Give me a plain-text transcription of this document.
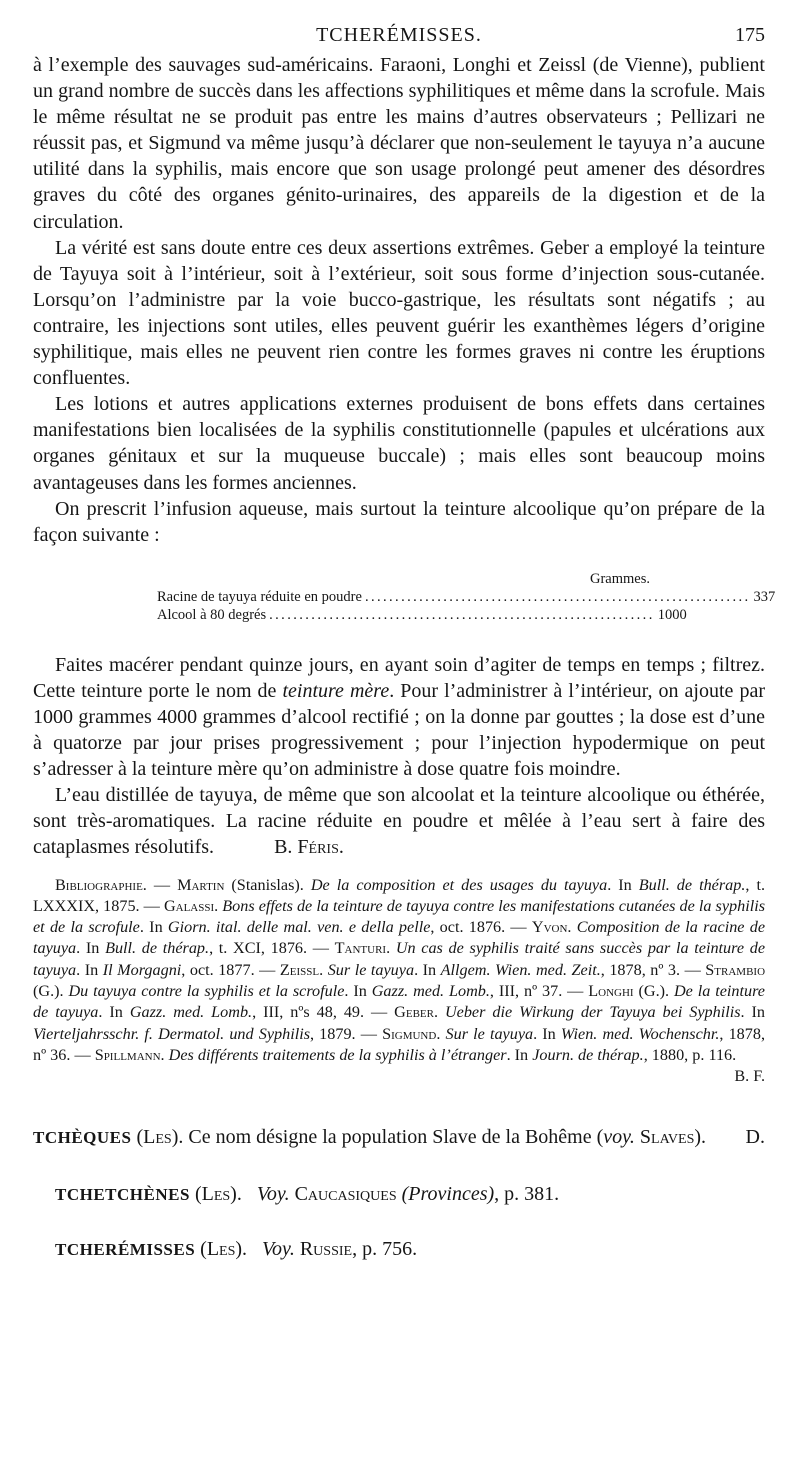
TCHERÉMISSES.	175

à l’exemple des sauvages sud-américains. Faraoni, Longhi et Zeissl (de Vienne), publient un grand nombre de succès dans les affections syphilitiques et même dans la scrofule. Mais le même résultat ne se produit pas entre les mains d’autres observateurs ; Pellizari ne réussit pas, et Sigmund va même jusqu’à déclarer que non-seulement le tayuya n’a aucune utilité dans la syphilis, mais encore que son usage prolongé peut amener des désordres graves du côté des organes génito-urinaires, des appareils de la digestion et de la circulation.

La vérité est sans doute entre ces deux assertions extrêmes. Geber a employé la teinture de Tayuya soit à l’intérieur, soit à l’extérieur, soit sous forme d’injection sous-cutanée. Lorsqu’on l’administre par la voie bucco-gastrique, les résultats sont négatifs ; au contraire, les injections sont utiles, elles peuvent guérir les exanthèmes légers d’origine syphilitique, mais elles ne peuvent rien contre les formes graves ni contre les éruptions confluentes.

Les lotions et autres applications externes produisent de bons effets dans certaines manifestations bien localisées de la syphilis constitutionnelle (papules et ulcérations aux organes génitaux et sur la muqueuse buccale) ; mais elles sont beaucoup moins avantageuses dans les formes anciennes.

On prescrit l’infusion aqueuse, mais surtout la teinture alcoolique qu’on prépare de la façon suivante :

Grammes.
Racine de tayuya réduite en poudre ................................................................ 337
Alcool à 80 degrés ................................................................ 1000

Faites macérer pendant quinze jours, en ayant soin d’agiter de temps en temps ; filtrez. Cette teinture porte le nom de teinture mère. Pour l’administrer à l’intérieur, on ajoute par 1000 grammes 4000 grammes d’alcool rectifié ; on la donne par gouttes ; la dose est d’une à quatorze par jour prises progressivement ; pour l’injection hypodermique on peut s’adresser à la teinture mère qu’on administre à dose quatre fois moindre.

L’eau distillée de tayuya, de même que son alcoolat et la teinture alcoolique ou éthérée, sont très-aromatiques. La racine réduite en poudre et mêlée à l’eau sert à faire des cataplasmes résolutifs.	B. Féris.

Bibliographie. — Martin (Stanislas). De la composition et des usages du tayuya. In Bull. de thérap., t. LXXXIX, 1875. — Galassi. Bons effets de la teinture de tayuya contre les manifestations cutanées de la syphilis et de la scrofule. In Giorn. ital. delle mal. ven. e della pelle, oct. 1876. — Yvon. Composition de la racine de tayuya. In Bull. de thérap., t. XCI, 1876. — Tanturi. Un cas de syphilis traité sans succès par la teinture de tayuya. In Il Morgagni, oct. 1877. — Zeissl. Sur le tayuya. In Allgem. Wien. med. Zeit., 1878, nº 3. — Strambio (G.). Du tayuya contre la syphilis et la scrofule. In Gazz. med. Lomb., III, nº 37. — Longhi (G.). De la teinture de tayuya. In Gazz. med. Lomb., III, nºs 48, 49. — Geber. Ueber die Wirkung der Tayuya bei Syphilis. In Vierteljahrsschr. f. Dermatol. und Syphilis, 1879. — Sigmund. Sur le tayuya. In Wien. med. Wochenschr., 1878, nº 36. — Spillmann. Des différents traitements de la syphilis à l’étranger. In Journ. de thérap., 1880, p. 116.
B. F.

TCHÈQUES (Les). Ce nom désigne la population Slave de la Bohême (voy. Slaves). D.

TCHETCHÈNES (Les). Voy. Caucasiques (Provinces), p. 381.

TCHERÉMISSES (Les). Voy. Russie, p. 756.
